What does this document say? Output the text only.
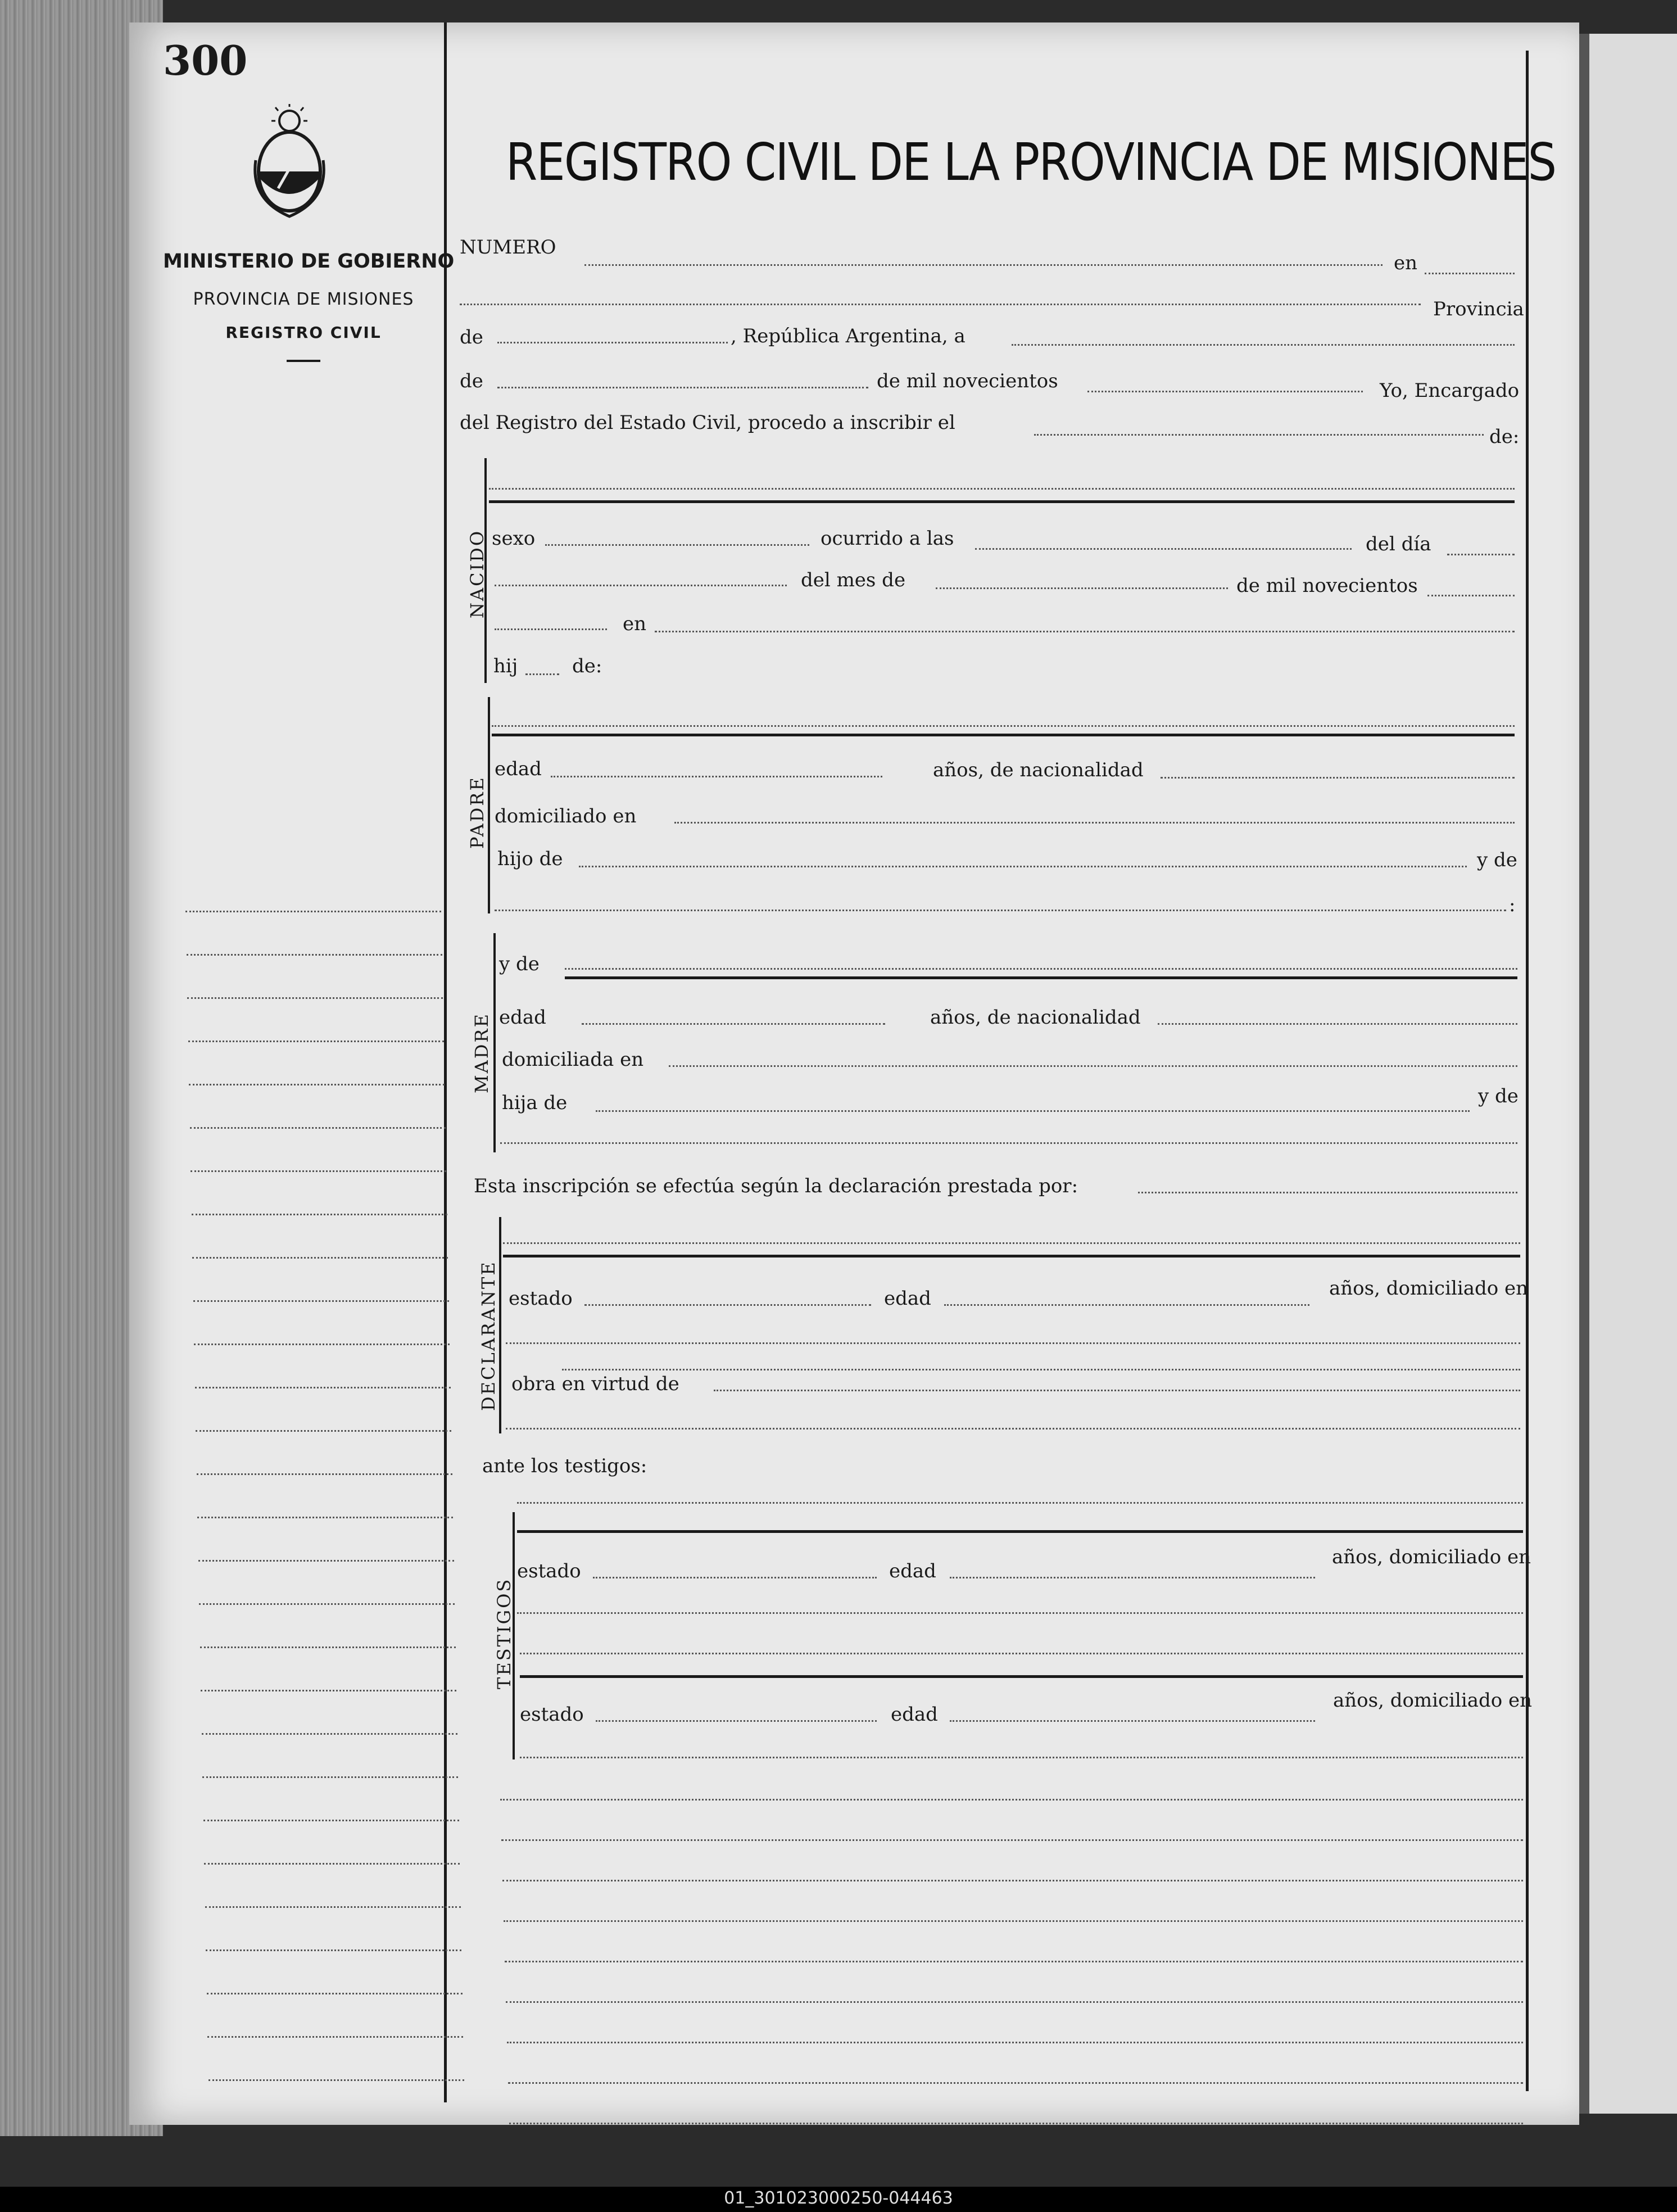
300
MINISTERIO DE GOBIERNO
PROVINCIA DE MISIONES
REGISTRO CIVIL
REGISTRO CIVIL DE LA PROVINCIA DE MISIONES
NUMERO
en
Provincia
de	, República Argentina, a
de	de mil novecientos	Yo, Encargado
del Registro del Estado Civil, procedo a inscribir el
de:
NACIDO sexo	ocurrido a las	del día
del mes de	de mil novecientos
en
hij	de:
PADRE
edad	años, de nacionalidad
domiciliado en
hijo de	y de
:
MADRE
y de
edad	años, de nacionalidad
domiciliada en
hija de	y de
Esta inscripción se efectúa según la declaración prestada por:
DECLARANTE estado	edad	años, domiciliado en
obra en virtud de
ante los testigos:
TESTIGOS
estado	edad
años, domiciliado en
estado	edad
años, domiciliado en
01_301023000250-044463
